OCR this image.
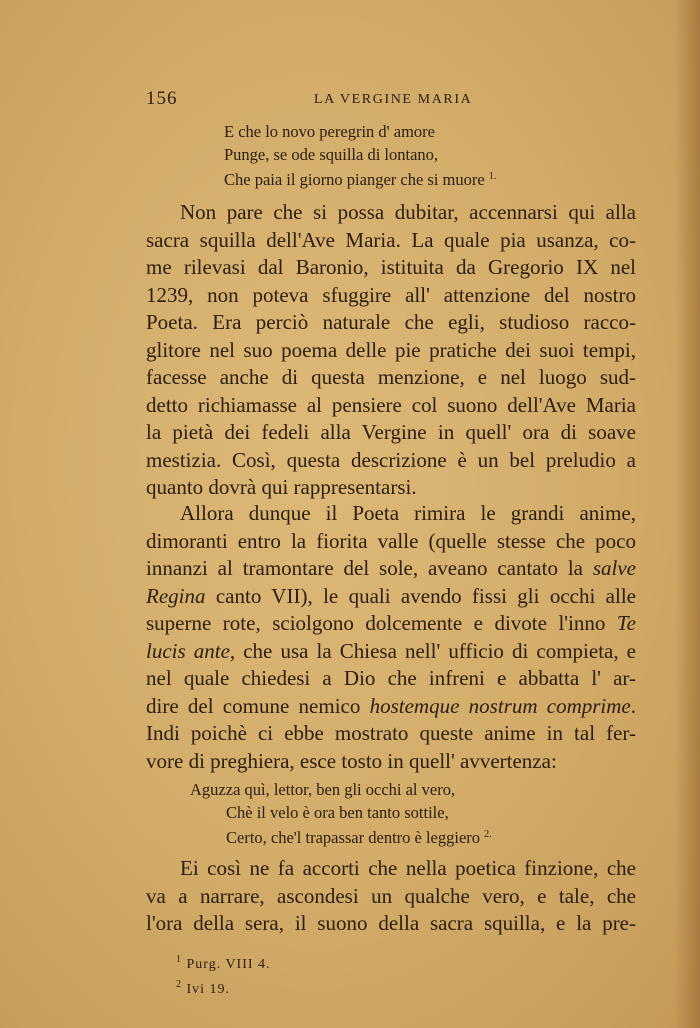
156	LA VERGINE MARIA
E che lo novo peregrin d' amore
Punge, se ode squilla di lontano,
Che paia il giorno pianger che si muore $^{1.}$
Non pare che si possa dubitar, accennarsi qui alla
sacra squilla dell'Ave Maria. La quale pia usanza, co-
me rilevasi dal Baronio, istituita da Gregorio IX nel
1239, non poteva sfuggire all' attenzione del nostro
Poeta. Era perciò naturale che egli, studioso racco-
glitore nel suo poema delle pie pratiche dei suoi tempi,
facesse anche di questa menzione, e nel luogo sud-
detto richiamasse al pensiere col suono dell'Ave Maria
la pietà dei fedeli alla Vergine in quell' ora di soave
mestizia. Così, questa descrizione è un bel preludio a
quanto dovrà qui rappresentarsi.
Allora dunque il Poeta rimira le grandi anime,
dimoranti entro la fiorita valle (quelle stesse che poco
innanzi al tramontare del sole, aveano cantato la salve
Regina canto VII), le quali avendo fissi gli occhi alle
superne rote, sciolgono dolcemente e divote l'inno Te
lucis ante, che usa la Chiesa nell' ufficio di compieta, e
nel quale chiedesi a Dio che infreni e abbatta l' ar-
dire del comune nemico hostemque nostrum comprime.
Indi poichè ci ebbe mostrato queste anime in tal fer-
vore di preghiera, esce tosto in quell' avvertenza:
Aguzza quì, lettor, ben gli occhi al vero,
Chè il velo è ora ben tanto sottile,
Certo, che'l trapassar dentro è leggiero $^{2.}$
Ei così ne fa accorti che nella poetica finzione, che
va a narrare, ascondesi un qualche vero, e tale, che
l'ora della sera, il suono della sacra squilla, e la pre-
$^1$ Purg. VIII 4.
$^2$ Ivi 19.
